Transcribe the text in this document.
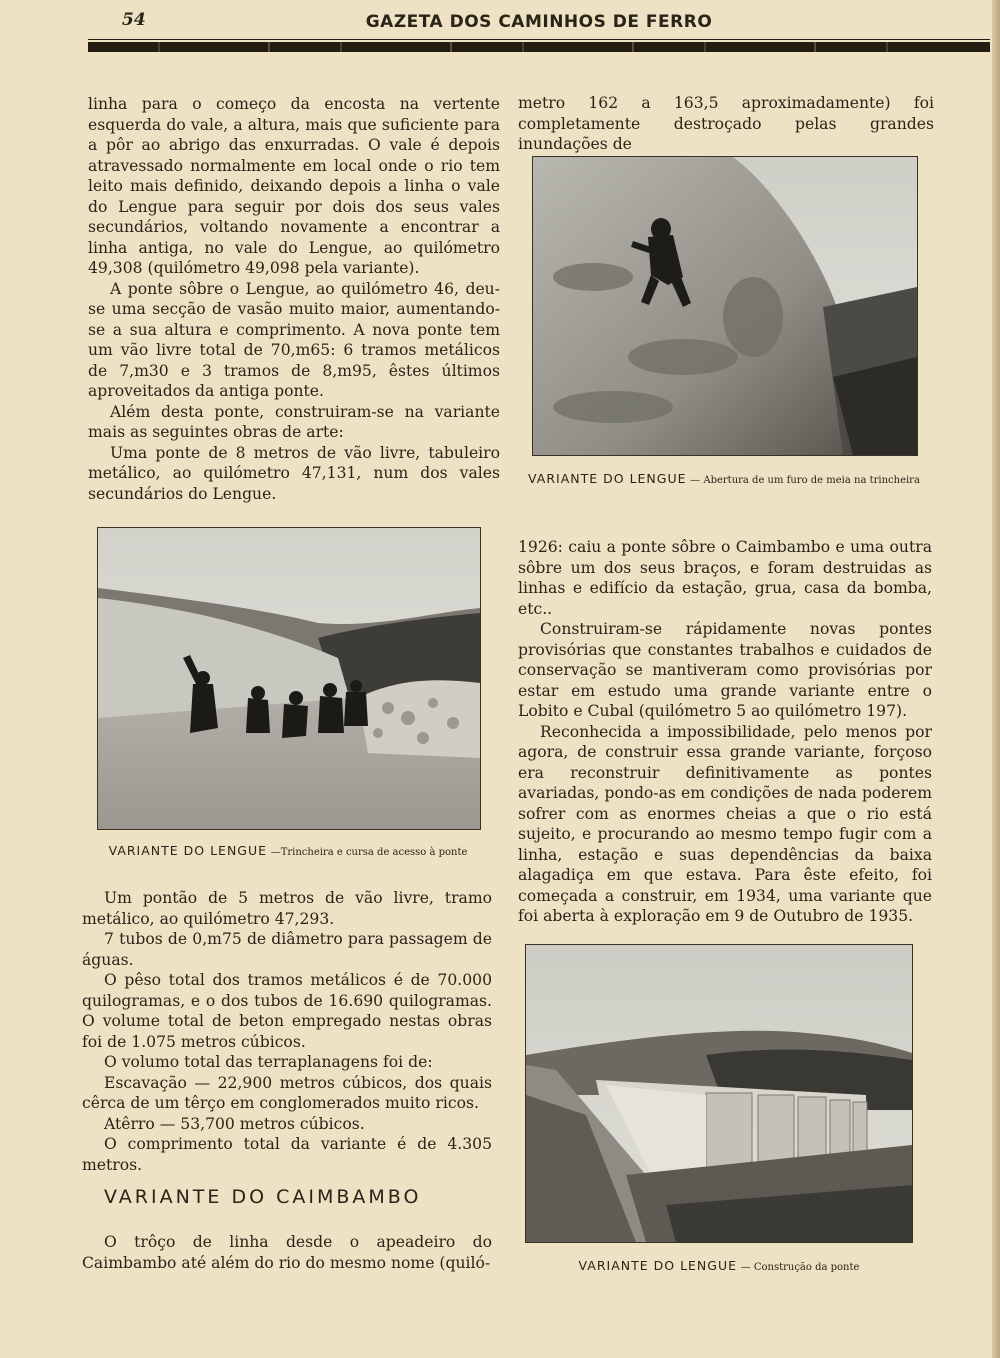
54	GAZETA DOS CAMINHOS DE FERRO

linha para o começo da encosta na vertente esquerda do vale, a altura, mais que suficiente para a pôr ao abrigo das enxurradas. O vale é depois atravessado normalmente em local onde o rio tem leito mais definido, deixando depois a linha o vale do Lengue para seguir por dois dos seus vales secundários, voltando novamente a encontrar a linha antiga, no vale do Lengue, ao quilómetro 49,308 (quilómetro 49,098 pela variante).

A ponte sôbre o Lengue, ao quilómetro 46, deu-se uma secção de vasão muito maior, aumentando-se a sua altura e comprimento. A nova ponte tem um vão livre total de 70,m65: 6 tramos metálicos de 7,m30 e 3 tramos de 8,m95, êstes últimos aproveitados da antiga ponte.

Além desta ponte, construiram-se na variante mais as seguintes obras de arte:

Uma ponte de 8 metros de vão livre, tabuleiro metálico, ao quilómetro 47,131, num dos vales secundários do Lengue.

metro 162 a 163,5 aproximadamente) foi completamente destroçado pelas grandes inundações de

VARIANTE DO LENGUE — Abertura de um furo de meia na trincheira
VARIANTE DO LENGUE —Trincheira e cursa de acesso à ponte

1926: caiu a ponte sôbre o Caimbambo e uma outra sôbre um dos seus braços, e foram destruidas as linhas e edifício da estação, grua, casa da bomba, etc..

Construiram-se rápidamente novas pontes provisórias que constantes trabalhos e cuidados de conservação se mantiveram como provisórias por estar em estudo uma grande variante entre o Lobito e Cubal (quilómetro 5 ao quilómetro 197).

Reconhecida a impossibilidade, pelo menos por agora, de construir essa grande variante, forçoso era reconstruir definitivamente as pontes avariadas, pondo-as em condições de nada poderem sofrer com as enormes cheias a que o rio está sujeito, e procurando ao mesmo tempo fugir com a linha, estação e suas dependências da baixa alagadiça em que estava. Para êste efeito, foi começada a construir, em 1934, uma variante que foi aberta à exploração em 9 de Outubro de 1935.

Um pontão de 5 metros de vão livre, tramo metálico, ao quilómetro 47,293.

7 tubos de 0,m75 de diâmetro para passagem de águas.

O pêso total dos tramos metálicos é de 70.000 quilogramas, e o dos tubos de 16.690 quilogramas. O volume total de beton empregado nestas obras foi de 1.075 metros cúbicos.

O volumo total das terraplanagens foi de:

Escavação — 22,900 metros cúbicos, dos quais cêrca de um têrço em conglomerados muito ricos.

Atêrro — 53,700 metros cúbicos.

O comprimento total da variante é de 4.305 metros.

VARIANTE DO CAIMBAMBO

O trôço de linha desde o apeadeiro do Caimbambo até além do rio do mesmo nome (quiló-	VARIANTE DO LENGUE — Construção da ponte
